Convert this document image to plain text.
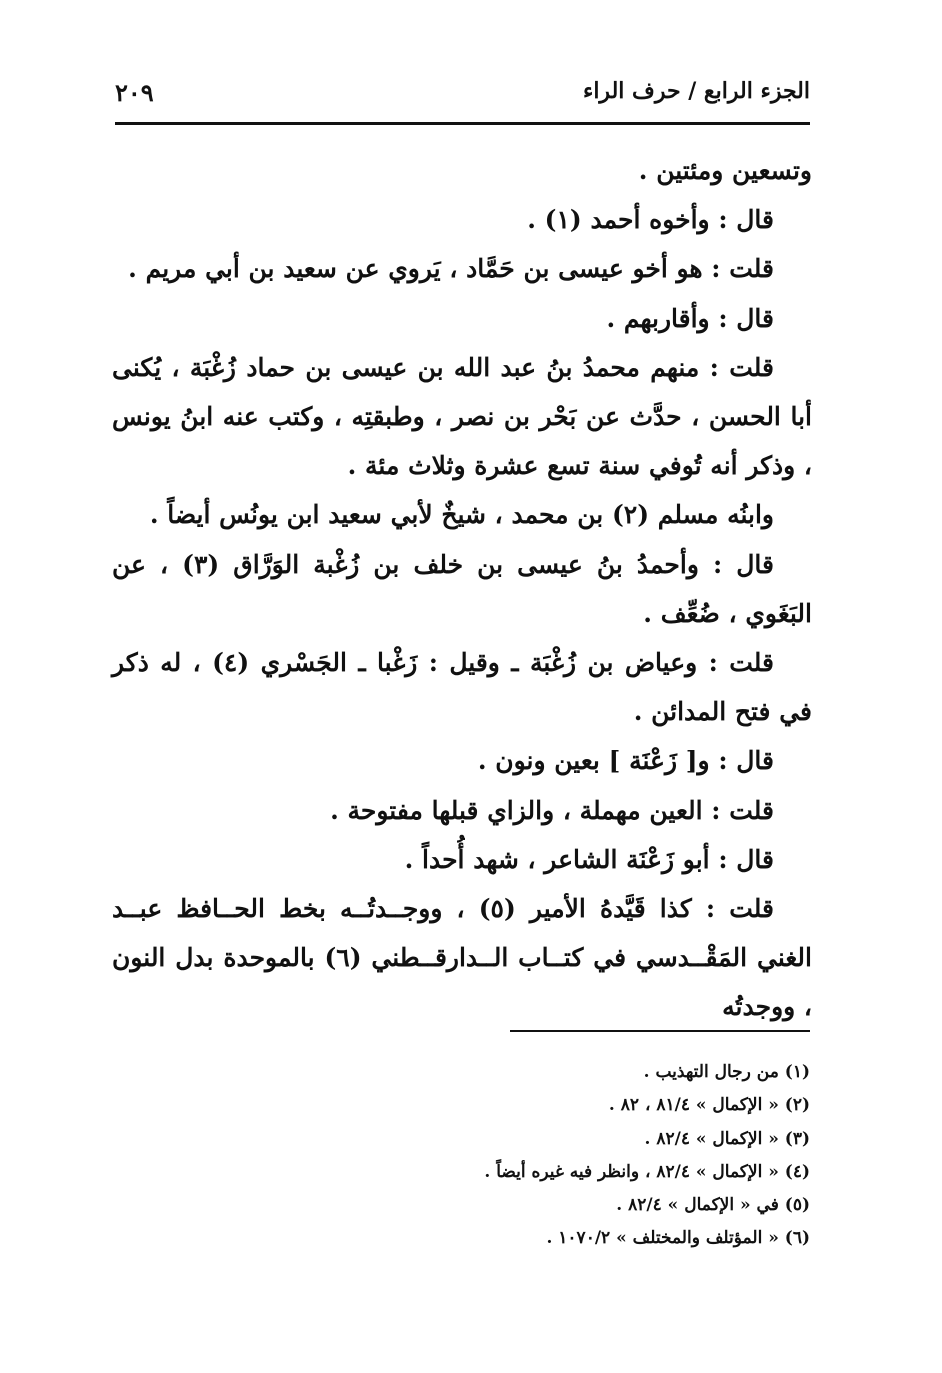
الجزء الرابع / حرف الراء
٢٠٩

وتسعين ومئتين .

قال : وأخوه أحمد (١) .

قلت : هو أخو عيسى بن حَمَّاد ، يَروي عن سعيد بن أبي مريم .

قال : وأقاربهم .

قلت : منهم محمدُ بنُ عبد الله بن عيسى بن حماد زُغْبَة ، يُكنى أبا الحسن ، حدَّث عن بَحْر بن نصر ، وطبقتِه ، وكتب عنه ابنُ يونس ، وذكر أنه تُوفي سنة تسع عشرة وثلاث مئة .

وابنُه مسلم (٢) بن محمد ، شيخٌ لأبي سعيد ابن يونُس أيضاً .

قال : وأحمدُ بنُ عيسى بن خلف بن زُغْبة الوَرَّاق (٣) ، عن البَغَوي ، ضُعِّف .

قلت : وعياض بن زُغْبَة ـ وقيل : زَغْبا ـ الجَسْري (٤) ، له ذكر في فتح المدائن .

قال : و[ زَعْنَة ] بعين ونون .

قلت : العين مهملة ، والزاي قبلها مفتوحة .

قال : أبو زَعْنَة الشاعر ، شهد أُحداً .

قلت : كذا قَيَّدهُ الأمير (٥) ، ووجــدتُــه بخط الحــافظ عبــد الغني المَقْــدسي في كتــاب الــدارقــطني (٦) بالموحدة بدل النون ، ووجدتُه

(١) من رجال التهذيب .

(٢) « الإكمال » ٨١/٤ ، ٨٢ .

(٣) « الإكمال » ٨٢/٤ .

(٤) « الإكمال » ٨٢/٤ ، وانظر فيه غيره أيضاً .

(٥) في « الإكمال » ٨٢/٤ .

(٦) « المؤتلف والمختلف » ١٠٧٠/٢ .
